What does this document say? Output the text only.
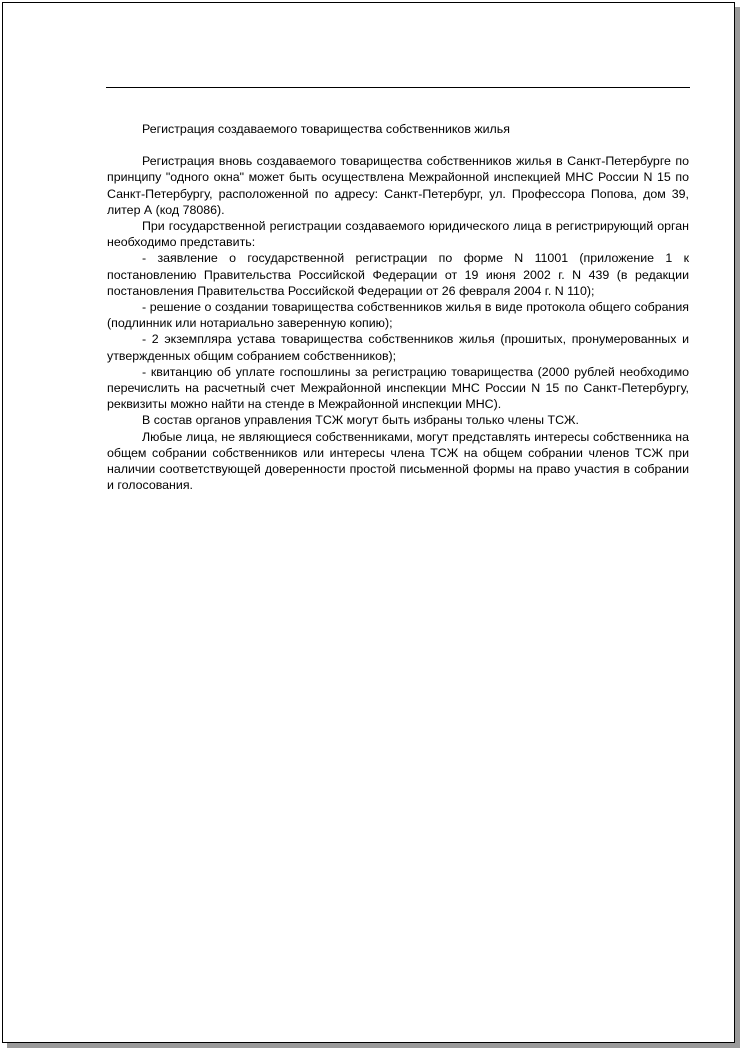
Регистрация создаваемого товарищества собственников жилья

Регистрация вновь создаваемого товарищества собственников жилья в Санкт-Петербурге по принципу "одного окна" может быть осуществлена Межрайонной инспекцией МНС России N 15 по Санкт-Петербургу, расположенной по адресу: Санкт-Петербург, ул. Профессора Попова, дом 39, литер А (код 78086).

При государственной регистрации создаваемого юридического лица в регистрирующий орган необходимо представить:

- заявление о государственной регистрации по форме N 11001 (приложение 1 к постановлению Правительства Российской Федерации от 19 июня 2002 г. N 439 (в редакции постановления Правительства Российской Федерации от 26 февраля 2004 г. N 110);

- решение о создании товарищества собственников жилья в виде протокола общего собрания (подлинник или нотариально заверенную копию);

- 2 экземпляра устава товарищества собственников жилья (прошитых, пронумерованных и утвержденных общим собранием собственников);

- квитанцию об уплате госпошлины за регистрацию товарищества (2000 рублей необходимо перечислить на расчетный счет Межрайонной инспекции МНС России N 15 по Санкт-Петербургу, реквизиты можно найти на стенде в Межрайонной инспекции МНС).

В состав органов управления ТСЖ могут быть избраны только члены ТСЖ.

Любые лица, не являющиеся собственниками, могут представлять интересы собственника на общем собрании собственников или интересы члена ТСЖ на общем собрании членов ТСЖ при наличии соответствующей доверенности простой письменной формы на право участия в собрании и голосования.
